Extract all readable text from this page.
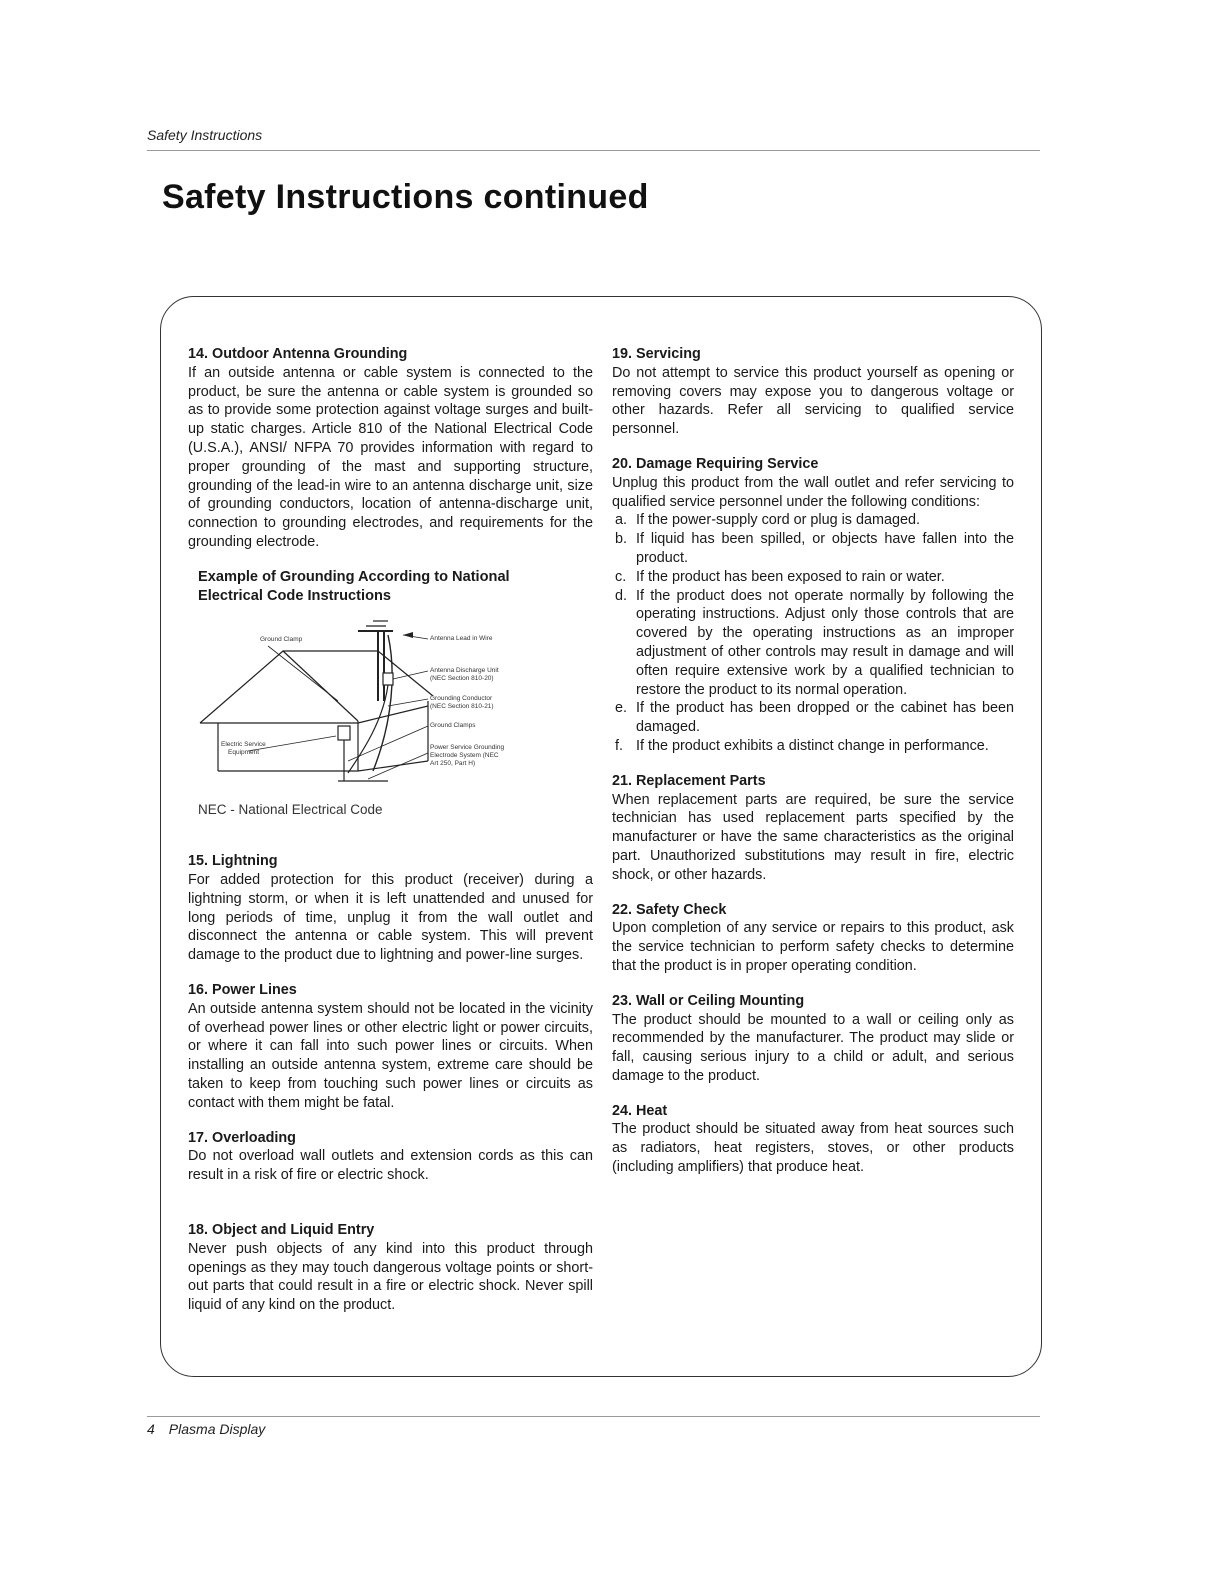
Safety Instructions
Safety Instructions continued
14. Outdoor Antenna Grounding

If an outside antenna or cable system is connected to the product, be sure the antenna or cable system is grounded so as to provide some protection against voltage surges and built-up static charges. Article 810 of the National Electrical Code (U.S.A.), ANSI/ NFPA 70 provides information with regard to proper grounding of the mast and supporting structure, grounding of the lead-in wire to an antenna discharge unit, size of grounding conductors, location of antenna-discharge unit, connection to grounding electrodes, and requirements for the grounding electrode.

Example of Grounding According to National
Electrical Code Instructions
Ground Clamp	Antenna Lead in Wire
Antenna Discharge Unit
(NEC Section 810-20)
Grounding Conductor
(NEC Section 810-21)
Ground Clamps
Electric Service
Equipment
Power Service Grounding
Electrode System (NEC
Art 250, Part H)

NEC - National Electrical Code

15. Lightning

For added protection for this product (receiver) during a lightning storm, or when it is left unattended and unused for long periods of time, unplug it from the wall outlet and disconnect the antenna or cable system. This will prevent damage to the product due to lightning and power-line surges.

16. Power Lines

An outside antenna system should not be located in the vicinity of overhead power lines or other electric light or power circuits, or where it can fall into such power lines or circuits. When installing an outside antenna system, extreme care should be taken to keep from touching such power lines or circuits as contact with them might be fatal.

17. Overloading

Do not overload wall outlets and extension cords as this can result in a risk of fire or electric shock.

18. Object and Liquid Entry

Never push objects of any kind into this product through openings as they may touch dangerous voltage points or short-out parts that could result in a fire or electric shock. Never spill liquid of any kind on the product.

19. Servicing

Do not attempt to service this product yourself as opening or removing covers may expose you to dangerous voltage or other hazards. Refer all servicing to qualified service personnel.

20. Damage Requiring Service

Unplug this product from the wall outlet and refer servicing to qualified service personnel under the following conditions:

a. If the power-supply cord or plug is damaged.
b. If liquid has been spilled, or objects have fallen into the product.
c. If the product has been exposed to rain or water.
d. If the product does not operate normally by following the operating instructions. Adjust only those controls that are covered by the operating instructions as an improper adjustment of other controls may result in damage and will often require extensive work by a qualified technician to restore the product to its normal operation.
e. If the product has been dropped or the cabinet has been damaged.
f. If the product exhibits a distinct change in performance.
21. Replacement Parts

When replacement parts are required, be sure the service technician has used replacement parts specified by the manufacturer or have the same characteristics as the original part. Unauthorized substitutions may result in fire, electric shock, or other hazards.

22. Safety Check

Upon completion of any service or repairs to this product, ask the service technician to perform safety checks to determine that the product is in proper operating condition.

23. Wall or Ceiling Mounting

The product should be mounted to a wall or ceiling only as recommended by the manufacturer. The product may slide or fall, causing serious injury to a child or adult, and serious damage to the product.

24. Heat

The product should be situated away from heat sources such as radiators, heat registers, stoves, or other products (including amplifiers) that produce heat.

4 Plasma Display
